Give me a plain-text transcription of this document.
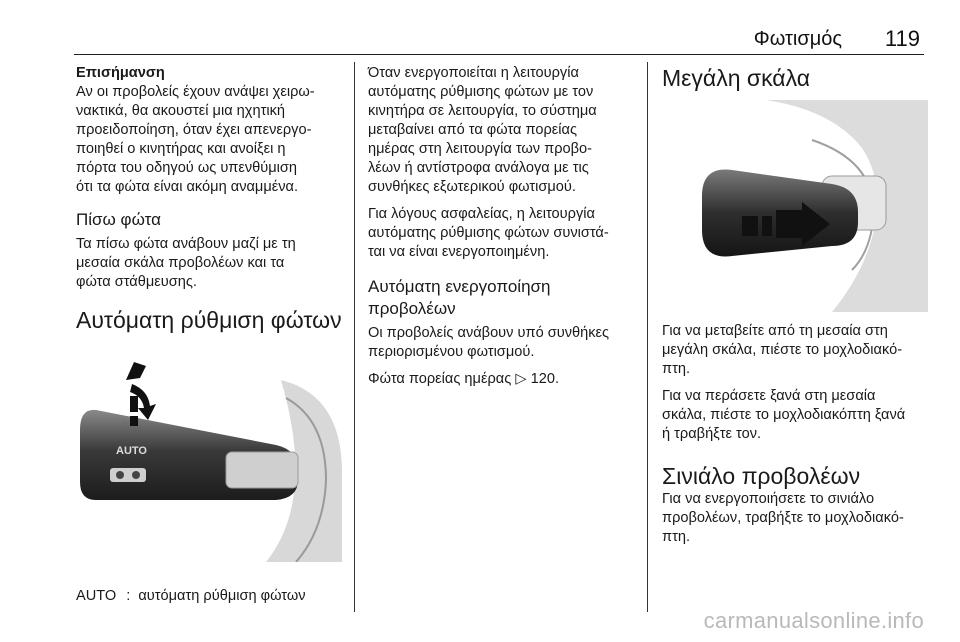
Φωτισμός 119
Επισήμανση

Αν οι προβολείς έχουν ανάψει χειρω-
νακτικά, θα ακουστεί μια ηχητική
προειδοποίηση, όταν έχει απενεργο-
ποιηθεί ο κινητήρας και ανοίξει η
πόρτα του οδηγού ως υπενθύμιση
ότι τα φώτα είναι ακόμη αναμμένα.

Πίσω φώτα

Τα πίσω φώτα ανάβουν μαζί με τη
μεσαία σκάλα προβολέων και τα
φώτα στάθμευσης.

Αυτόματη ρύθμιση φώτων
AUTO
AUTO : αυτόματη ρύθμιση φώτων

Όταν ενεργοποιείται η λειτουργία
αυτόματης ρύθμισης φώτων με τον
κινητήρα σε λειτουργία, το σύστημα
μεταβαίνει από τα φώτα πορείας
ημέρας στη λειτουργία των προβο-
λέων ή αντίστροφα ανάλογα με τις
συνθήκες εξωτερικού φωτισμού.

Για λόγους ασφαλείας, η λειτουργία
αυτόματης ρύθμισης φώτων συνιστά-
ται να είναι ενεργοποιημένη.

Αυτόματη ενεργοποίηση
προβολέων

Οι προβολείς ανάβουν υπό συνθήκες
περιορισμένου φωτισμού.

Φώτα πορείας ημέρας ▷ 120.

Μεγάλη σκάλα

Για να μεταβείτε από τη μεσαία στη
μεγάλη σκάλα, πιέστε το μοχλοδιακό-
πτη.

Για να περάσετε ξανά στη μεσαία
σκάλα, πιέστε το μοχλοδιακόπτη ξανά
ή τραβήξτε τον.

Σινιάλο προβολέων

Για να ενεργοποιήσετε το σινιάλο
προβολέων, τραβήξτε το μοχλοδιακό-
πτη.

carmanualsonline.info
